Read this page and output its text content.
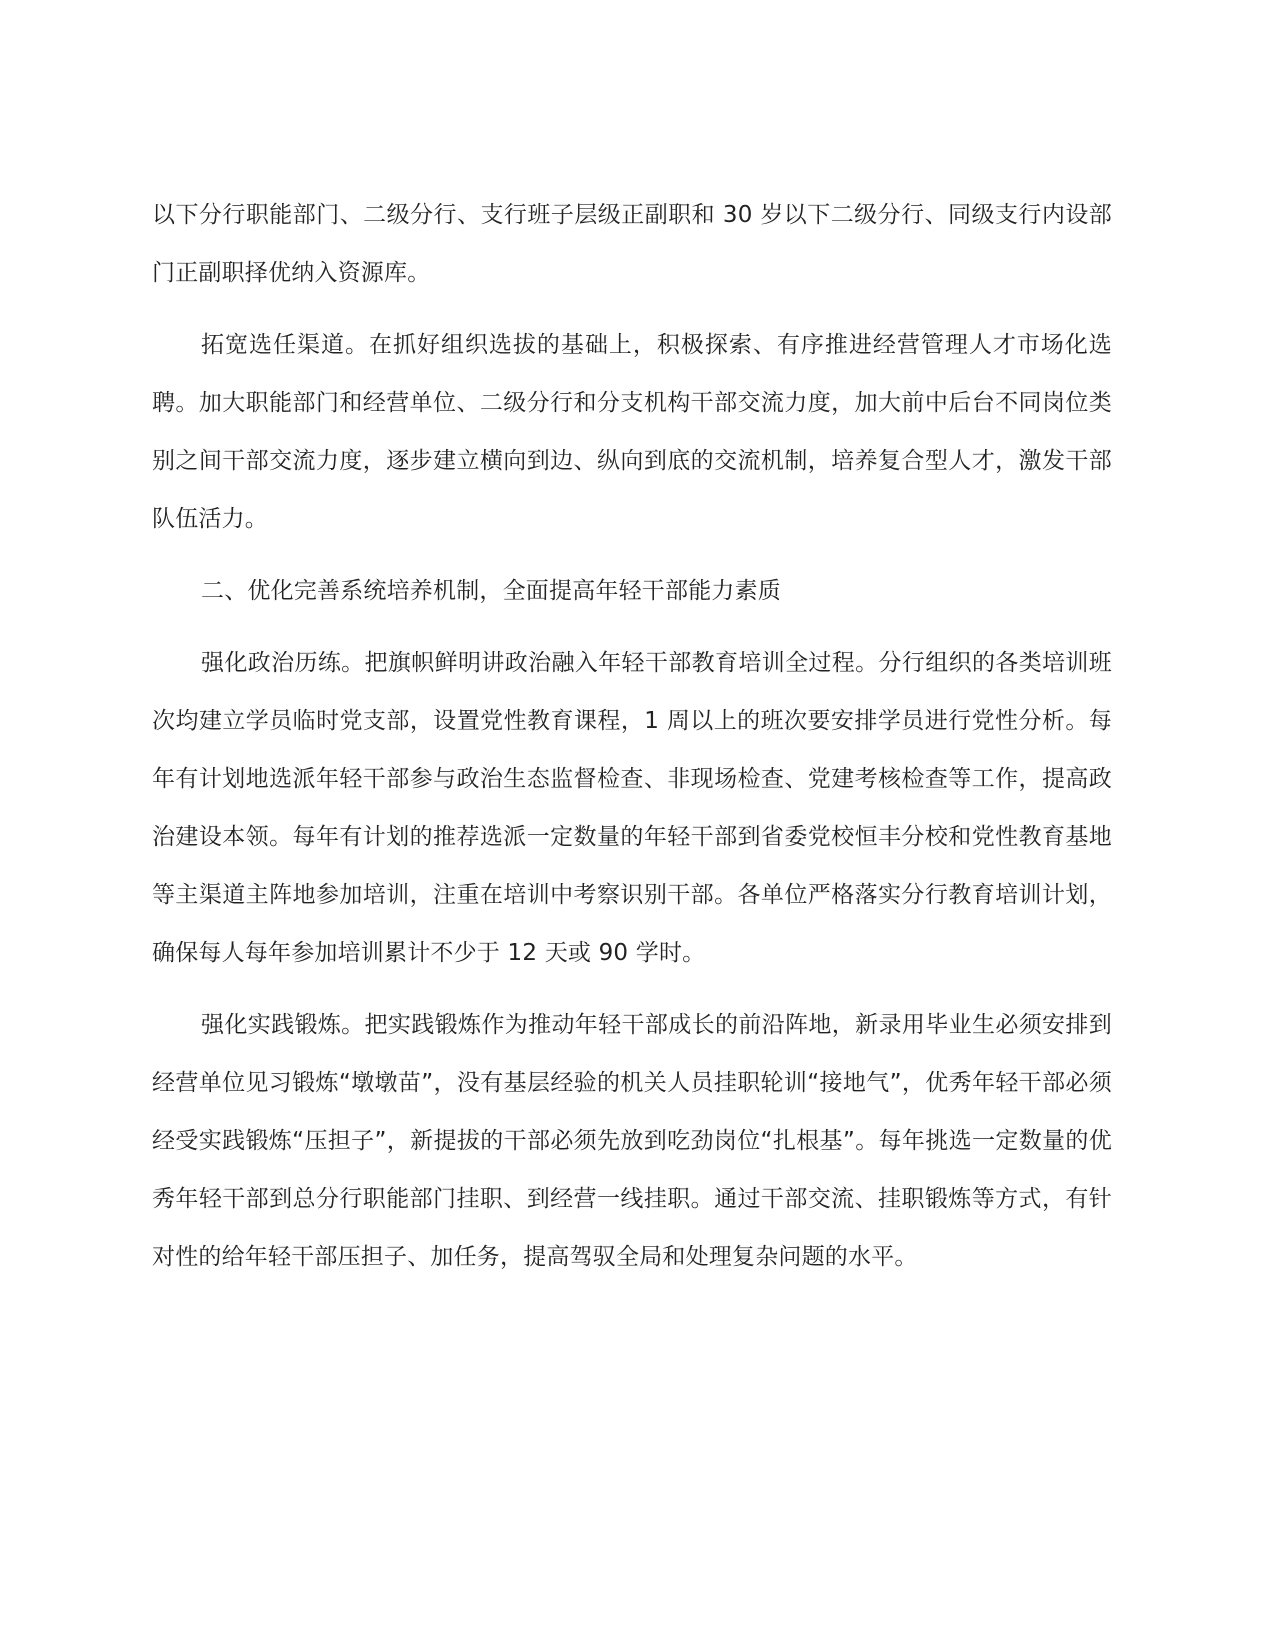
以下分行职能部门、二级分行、支行班子层级正副职和 30 岁以下二级分行、同级支行内设部门正副职择优纳入资源库。

拓宽选任渠道。在抓好组织选拔的基础上，积极探索、有序推进经营管理人才市场化选聘。加大职能部门和经营单位、二级分行和分支机构干部交流力度，加大前中后台不同岗位类别之间干部交流力度，逐步建立横向到边、纵向到底的交流机制，培养复合型人才，激发干部队伍活力。

二、优化完善系统培养机制，全面提高年轻干部能力素质

强化政治历练。把旗帜鲜明讲政治融入年轻干部教育培训全过程。分行组织的各类培训班次均建立学员临时党支部，设置党性教育课程，1 周以上的班次要安排学员进行党性分析。每年有计划地选派年轻干部参与政治生态监督检查、非现场检查、党建考核检查等工作，提高政治建设本领。每年有计划的推荐选派一定数量的年轻干部到省委党校恒丰分校和党性教育基地等主渠道主阵地参加培训，注重在培训中考察识别干部。各单位严格落实分行教育培训计划，确保每人每年参加培训累计不少于 12 天或 90 学时。

强化实践锻炼。把实践锻炼作为推动年轻干部成长的前沿阵地，新录用毕业生必须安排到经营单位见习锻炼“墩墩苗”，没有基层经验的机关人员挂职轮训“接地气”，优秀年轻干部必须经受实践锻炼“压担子”，新提拔的干部必须先放到吃劲岗位“扎根基”。每年挑选一定数量的优秀年轻干部到总分行职能部门挂职、到经营一线挂职。通过干部交流、挂职锻炼等方式，有针对性的给年轻干部压担子、加任务，提高驾驭全局和处理复杂问题的水平。
